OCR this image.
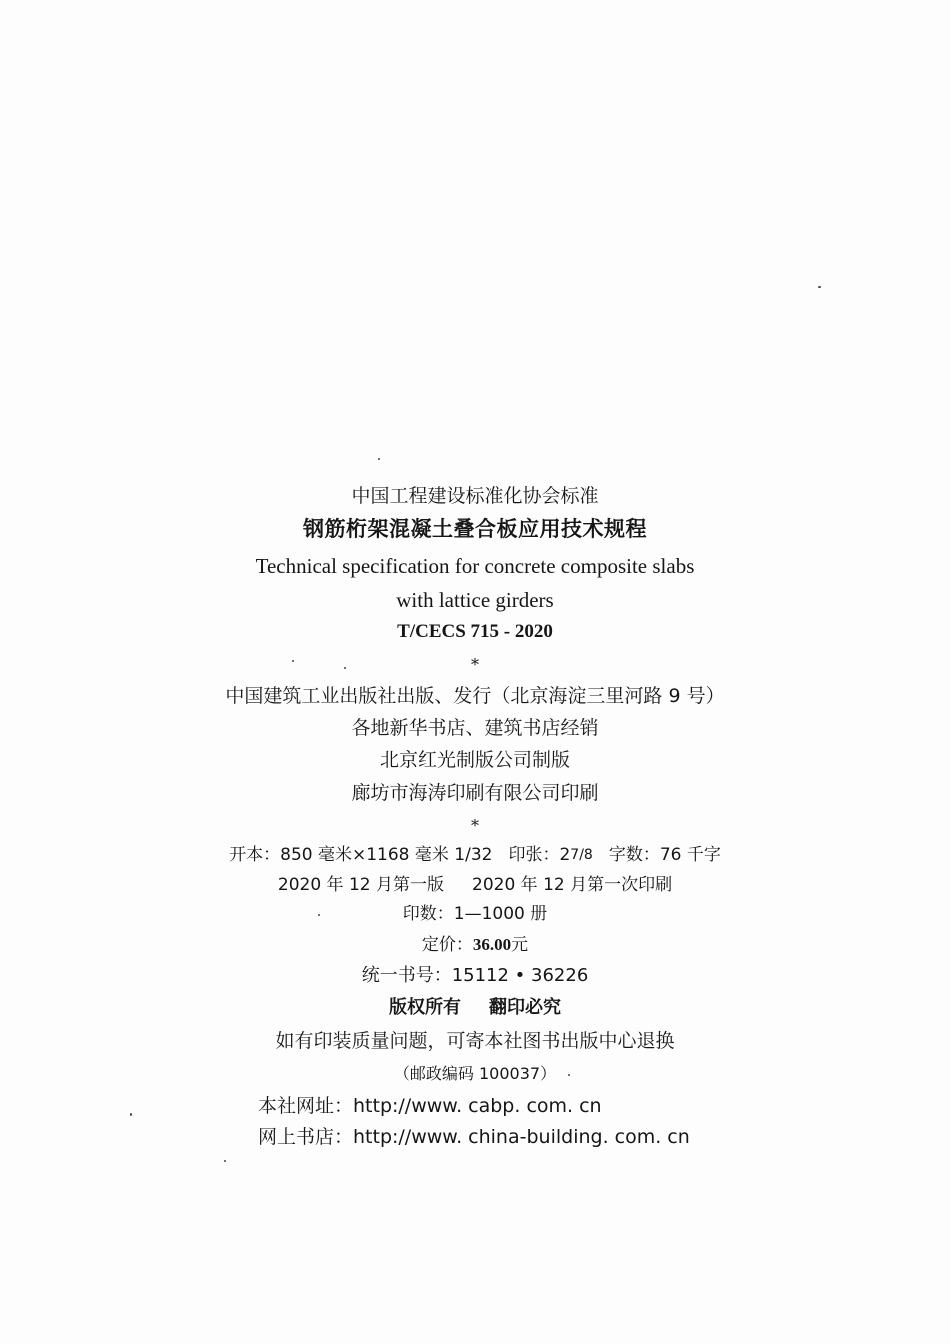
中国工程建设标准化协会标准
钢筋桁架混凝土叠合板应用技术规程
Technical specification for concrete composite slabs
with lattice girders
T/CECS 715 - 2020
*
中国建筑工业出版社出版、发行（北京海淀三里河路 9 号）
各地新华书店、建筑书店经销
北京红光制版公司制版
廊坊市海涛印刷有限公司印刷
*
开本：850 毫米×1168 毫米 1/32 印张：27/8 字数：76 千字
2020 年 12 月第一版 2020 年 12 月第一次印刷
印数：1—1000 册
定价：36.00元
统一书号：15112 • 36226
版权所有 翻印必究
如有印装质量问题，可寄本社图书出版中心退换
（邮政编码 100037）
本社网址：http://www. cabp. com. cn
网上书店：http://www. china-building. com. cn
